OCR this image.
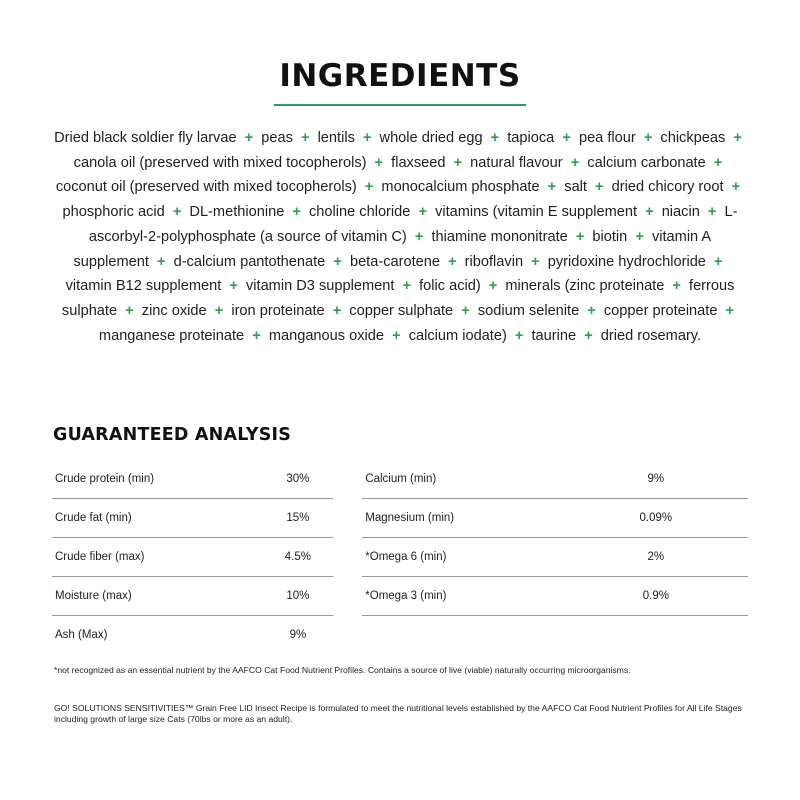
INGREDIENTS
Dried black soldier fly larvae + peas + lentils + whole dried egg + tapioca + pea flour + chickpeas + canola oil (preserved with mixed tocopherols) + flaxseed + natural flavour + calcium carbonate + coconut oil (preserved with mixed tocopherols) + monocalcium phosphate + salt + dried chicory root + phosphoric acid + DL-methionine + choline chloride + vitamins (vitamin E supplement + niacin + L-ascorbyl-2-polyphosphate (a source of vitamin C) + thiamine mononitrate + biotin + vitamin A supplement + d-calcium pantothenate + beta-carotene + riboflavin + pyridoxine hydrochloride + vitamin B12 supplement + vitamin D3 supplement + folic acid) + minerals (zinc proteinate + ferrous sulphate + zinc oxide + iron proteinate + copper sulphate + sodium selenite + copper proteinate + manganese proteinate + manganous oxide + calcium iodate) + taurine + dried rosemary.
GUARANTEED ANALYSIS
Crude protein (min)	30%		Calcium (min)	9%
Crude fat (min)	15%		Magnesium (min)	0.09%
Crude fiber (max)	4.5%		*Omega 6 (min)	2%
Moisture (max)	10%		*Omega 3 (min)	0.9%
Ash (Max)	9%			
*not recognized as an essential nutrient by the AAFCO Cat Food Nutrient Profiles. Contains a source of live (viable) naturally occurring microorganisms.
GO! SOLUTIONS SENSITIVITIES™ Grain Free LID Insect Recipe is formulated to meet the nutritional levels established by the AAFCO Cat Food Nutrient Profiles for All Life Stages including growth of large size Cats (70lbs or more as an adult).
